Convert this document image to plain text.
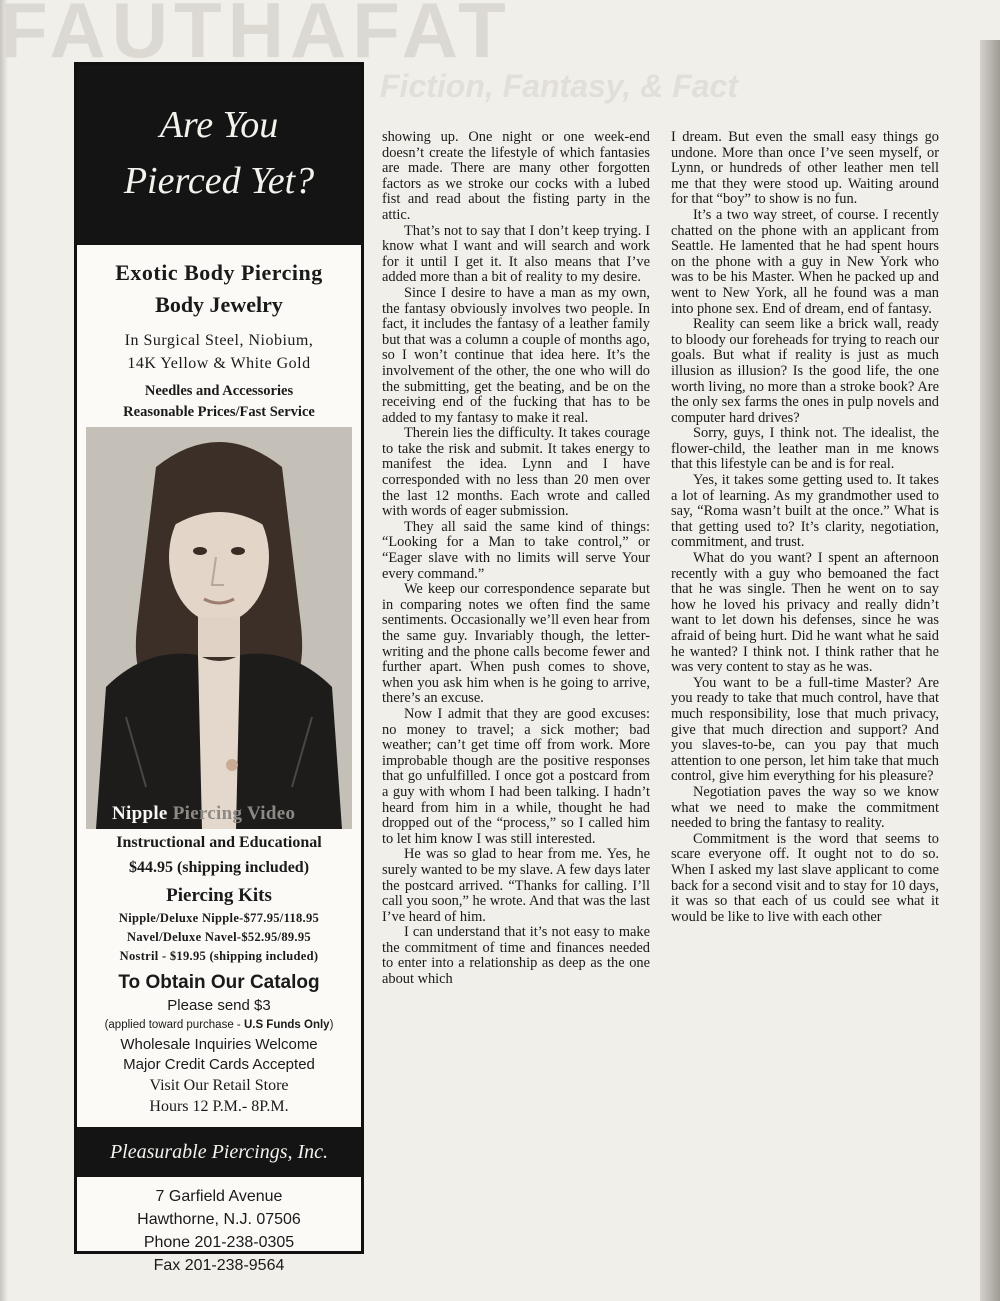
FAUTHAFAT
Fiction, Fantasy, & Fact
Are You
Pierced Yet?
Exotic Body Piercing
Body Jewelry
In Surgical Steel, Niobium,
14K Yellow & White Gold
Needles and Accessories
Reasonable Prices/Fast Service
Nipple Piercing Video
Instructional and Educational
$44.95 (shipping included)
Piercing Kits
Nipple/Deluxe Nipple-$77.95/118.95
Navel/Deluxe Navel-$52.95/89.95
Nostril - $19.95 (shipping included)
To Obtain Our Catalog
Please send $3
(applied toward purchase - U.S Funds Only)
Wholesale Inquiries Welcome
Major Credit Cards Accepted
Visit Our Retail Store
Hours 12 P.M.- 8P.M.
Pleasurable Piercings, Inc.
7 Garfield Avenue
Hawthorne, N.J. 07506
Phone 201-238-0305
Fax 201-238-9564

showing up. One night or one week-end doesn’t create the lifestyle of which fantasies are made. There are many other forgotten factors as we stroke our cocks with a lubed fist and read about the fisting party in the attic.

That’s not to say that I don’t keep trying. I know what I want and will search and work for it until I get it. It also means that I’ve added more than a bit of reality to my desire.

Since I desire to have a man as my own, the fantasy obviously involves two people. In fact, it includes the fantasy of a leather family but that was a column a couple of months ago, so I won’t continue that idea here. It’s the involvement of the other, the one who will do the submitting, get the beating, and be on the receiving end of the fucking that has to be added to my fantasy to make it real.

Therein lies the difficulty. It takes courage to take the risk and submit. It takes energy to manifest the idea. Lynn and I have corresponded with no less than 20 men over the last 12 months. Each wrote and called with words of eager submission.

They all said the same kind of things: “Looking for a Man to take control,” or “Eager slave with no limits will serve Your every command.”

We keep our correspondence separate but in comparing notes we often find the same sentiments. Occasionally we’ll even hear from the same guy. Invariably though, the letter-writing and the phone calls become fewer and further apart. When push comes to shove, when you ask him when is he going to arrive, there’s an excuse.

Now I admit that they are good excuses: no money to travel; a sick mother; bad weather; can’t get time off from work. More improbable though are the positive responses that go unfulfilled. I once got a postcard from a guy with whom I had been talking. I hadn’t heard from him in a while, thought he had dropped out of the “process,” so I called him to let him know I was still interested.

He was so glad to hear from me. Yes, he surely wanted to be my slave. A few days later the postcard arrived. “Thanks for calling. I’ll call you soon,” he wrote. And that was the last I’ve heard of him.

I can understand that it’s not easy to make the commitment of time and finances needed to enter into a relationship as deep as the one about which

I dream. But even the small easy things go undone. More than once I’ve seen myself, or Lynn, or hundreds of other leather men tell me that they were stood up. Waiting around for that “boy” to show is no fun.

It’s a two way street, of course. I recently chatted on the phone with an applicant from Seattle. He lamented that he had spent hours on the phone with a guy in New York who was to be his Master. When he packed up and went to New York, all he found was a man into phone sex. End of dream, end of fantasy.

Reality can seem like a brick wall, ready to bloody our foreheads for trying to reach our goals. But what if reality is just as much illusion as illusion? Is the good life, the one worth living, no more than a stroke book? Are the only sex farms the ones in pulp novels and computer hard drives?

Sorry, guys, I think not. The idealist, the flower-child, the leather man in me knows that this lifestyle can be and is for real.

Yes, it takes some getting used to. It takes a lot of learning. As my grandmother used to say, “Roma wasn’t built at the once.” What is that getting used to? It’s clarity, negotiation, commitment, and trust.

What do you want? I spent an afternoon recently with a guy who bemoaned the fact that he was single. Then he went on to say how he loved his privacy and really didn’t want to let down his defenses, since he was afraid of being hurt. Did he want what he said he wanted? I think not. I think rather that he was very content to stay as he was.

You want to be a full-time Master? Are you ready to take that much control, have that much responsibility, lose that much privacy, give that much direction and support? And you slaves-to-be, can you pay that much attention to one person, let him take that much control, give him everything for his pleasure?

Negotiation paves the way so we know what we need to make the commitment needed to bring the fantasy to reality.

Commitment is the word that seems to scare everyone off. It ought not to do so. When I asked my last slave applicant to come back for a second visit and to stay for 10 days, it was so that each of us could see what it would be like to live with each other
